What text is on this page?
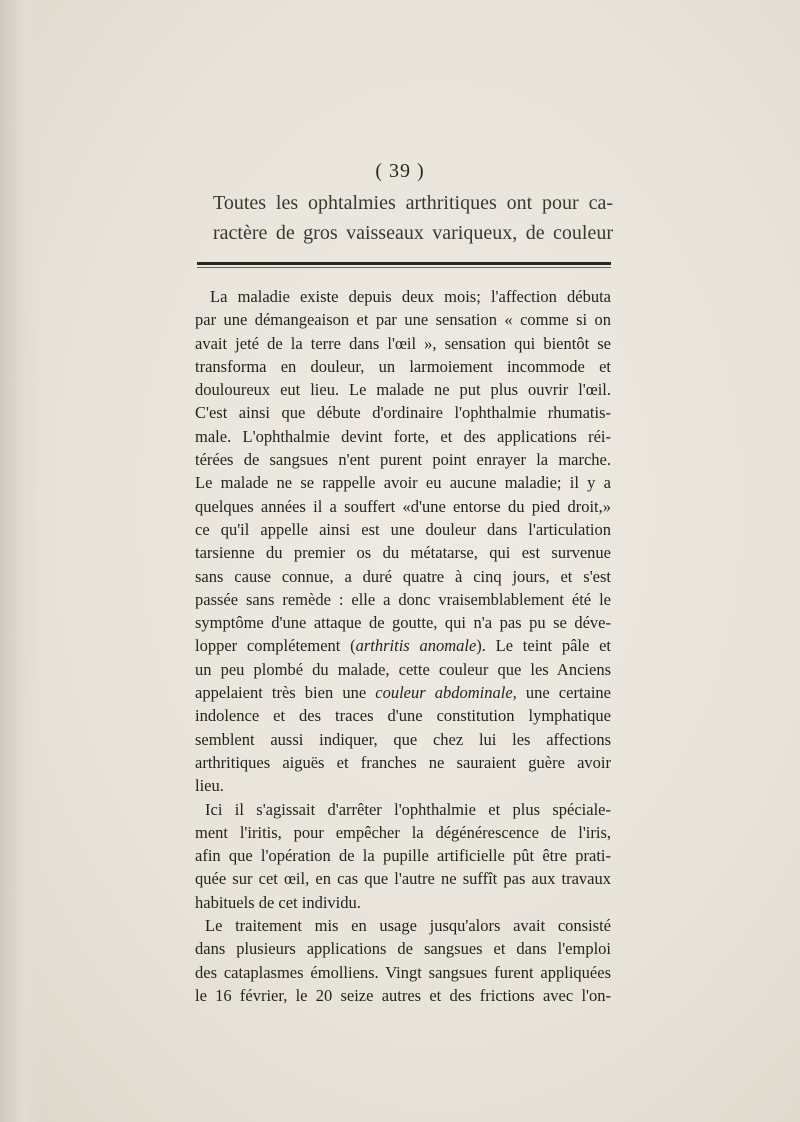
( 39 )
Toutes les ophtalmies arthritiques ont pour ca-
ractère de gros vaisseaux variqueux, de couleur
La maladie existe depuis deux mois; l'affection débuta
par une démangeaison et par une sensation « comme si on
avait jeté de la terre dans l'œil », sensation qui bientôt se
transforma en douleur, un larmoiement incommode et
douloureux eut lieu. Le malade ne put plus ouvrir l'œil.
C'est ainsi que débute d'ordinaire l'ophthalmie rhumatis-
male. L'ophthalmie devint forte, et des applications réi-
térées de sangsues n'ent purent point enrayer la marche.
Le malade ne se rappelle avoir eu aucune maladie; il y a
quelques années il a souffert «d'une entorse du pied droit,»
ce qu'il appelle ainsi est une douleur dans l'articulation
tarsienne du premier os du métatarse, qui est survenue
sans cause connue, a duré quatre à cinq jours, et s'est
passée sans remède : elle a donc vraisemblablement été le
symptôme d'une attaque de goutte, qui n'a pas pu se déve-
lopper complétement (arthritis anomale). Le teint pâle et
un peu plombé du malade, cette couleur que les Anciens
appelaient très bien une couleur abdominale, une certaine
indolence et des traces d'une constitution lymphatique
semblent aussi indiquer, que chez lui les affections
arthritiques aiguës et franches ne sauraient guère avoir
lieu.
Ici il s'agissait d'arrêter l'ophthalmie et plus spéciale-
ment l'iritis, pour empêcher la dégénérescence de l'iris,
afin que l'opération de la pupille artificielle pût être prati-
quée sur cet œil, en cas que l'autre ne suffît pas aux travaux
habituels de cet individu.
Le traitement mis en usage jusqu'alors avait consisté
dans plusieurs applications de sangsues et dans l'emploi
des cataplasmes émolliens. Vingt sangsues furent appliquées
le 16 février, le 20 seize autres et des frictions avec l'on-
